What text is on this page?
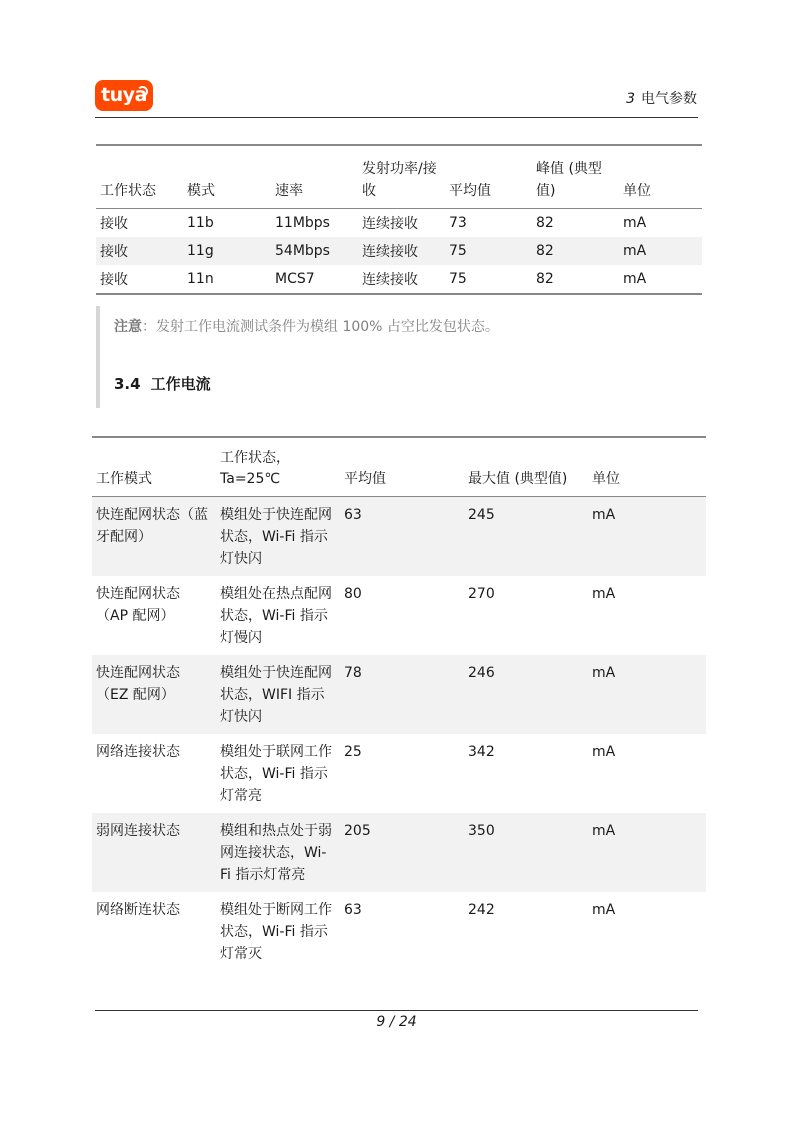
tuya	3 电气参数
工作状态	模式	速率	发射功率/接收	平均值	峰值 (典型值)	单位
接收	11b	11Mbps	连续接收	73	82	mA
接收	11g	54Mbps	连续接收	75	82	mA
接收	11n	MCS7	连续接收	75	82	mA
注意：发射工作电流测试条件为模组 100% 占空比发包状态。
3.4 工作电流
工作模式	工作状态，Ta=25℃	平均值	最大值 (典型值)	单位
快连配网状态（蓝牙配网）	模组处于快连配网状态，Wi-Fi 指示灯快闪	63	245	mA
快连配网状态（AP 配网）	模组处在热点配网状态，Wi-Fi 指示灯慢闪	80	270	mA
快连配网状态（EZ 配网）	模组处于快连配网状态，WIFI 指示灯快闪	78	246	mA
网络连接状态	模组处于联网工作状态，Wi-Fi 指示灯常亮	25	342	mA
弱网连接状态	模组和热点处于弱网连接状态，Wi-Fi 指示灯常亮	205	350	mA
网络断连状态	模组处于断网工作状态，Wi-Fi 指示灯常灭	63	242	mA
9 / 24
